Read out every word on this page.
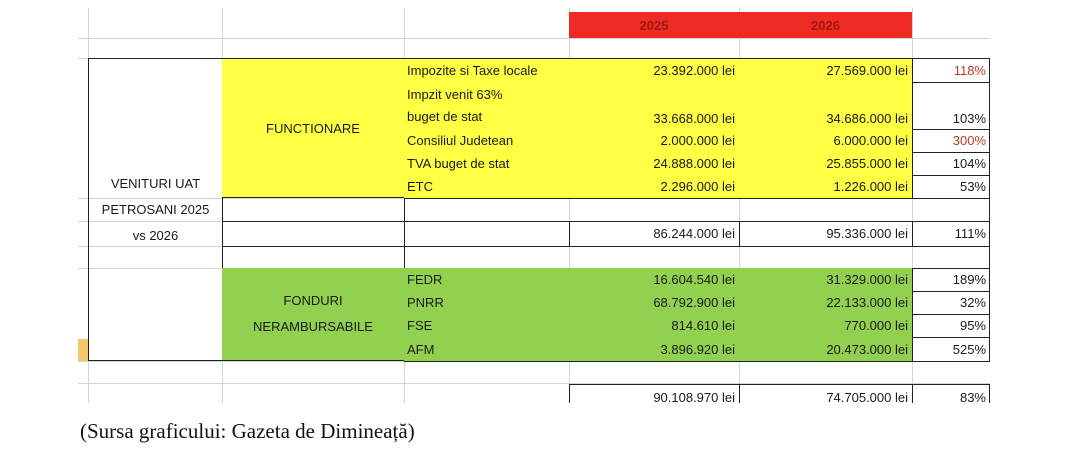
2025	2026
VENITURI UAT
PETROSANI 2025
vs 2026
FUNCTIONARE
Impozite si Taxe locale	23.392.000 lei	27.569.000 lei	118%
Impzit venit 63%
buget de stat	33.668.000 lei	34.686.000 lei	103%
Consiliul Judetean	2.000.000 lei	6.000.000 lei	300%
TVA buget de stat	24.888.000 lei	25.855.000 lei	104%
ETC	2.296.000 lei	1.226.000 lei	53%
86.244.000 lei	95.336.000 lei	111%
FONDURI
NERAMBURSABILE
FEDR	16.604.540 lei	31.329.000 lei	189%
PNRR	68.792.900 lei	22.133.000 lei	32%
FSE	814.610 lei	770.000 lei	95%
AFM	3.896.920 lei	20.473.000 lei	525%
90.108.970 lei	74.705.000 lei	83%
(Sursa graficului: Gazeta de Dimineață)
